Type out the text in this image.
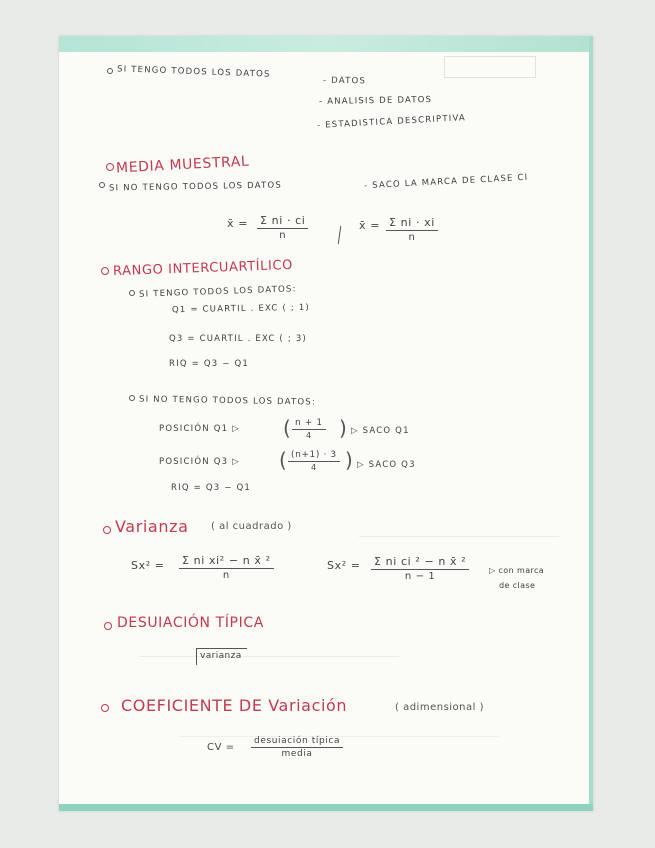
SI TENGO TODOS LOS DATOS
- DATOS
- ANALISIS DE DATOS
- ESTADISTICA DESCRIPTIVA
MEDIA MUESTRAL
SI NO TENGO TODOS LOS DATOS	- SACO LA MARCA DE CLASE CI
x̄ = $\frac{\text{Σ ni · ci}}{n}$	x̄ = $\frac{\text{Σ ni · xi}}{n}$
RANGO INTERCUARTÍLICO
SI TENGO TODOS LOS DATOS:
Q1 = CUARTIL . EXC ( ; 1)
Q3 = CUARTIL . EXC ( ; 3)
RIQ = Q3 − Q1
SI NO TENGO TODOS LOS DATOS:
POSICIÓN Q1 ▷ ( $\frac{n + 1}{4}$ ) ▷ SACO Q1
POSICIÓN Q3 ▷ ( $\frac{(n+1) \cdot 3}{4}$ ) ▷ SACO Q3
RIQ = Q3 − Q1
Varianza ( al cuadrado )
$Sx^2 = \frac{\text{Σ ni xi² − n x̄ ²}}{n}$	$Sx^2 = \frac{\text{Σ ni ci ² − n x̄ ²}}{n - 1}$ ▷ con marca
de clase
DESUIACIÓN TÍPICA
varianza
COEFICIENTE DE Variación	( adimensional )
CV =
desuiación típica
media
